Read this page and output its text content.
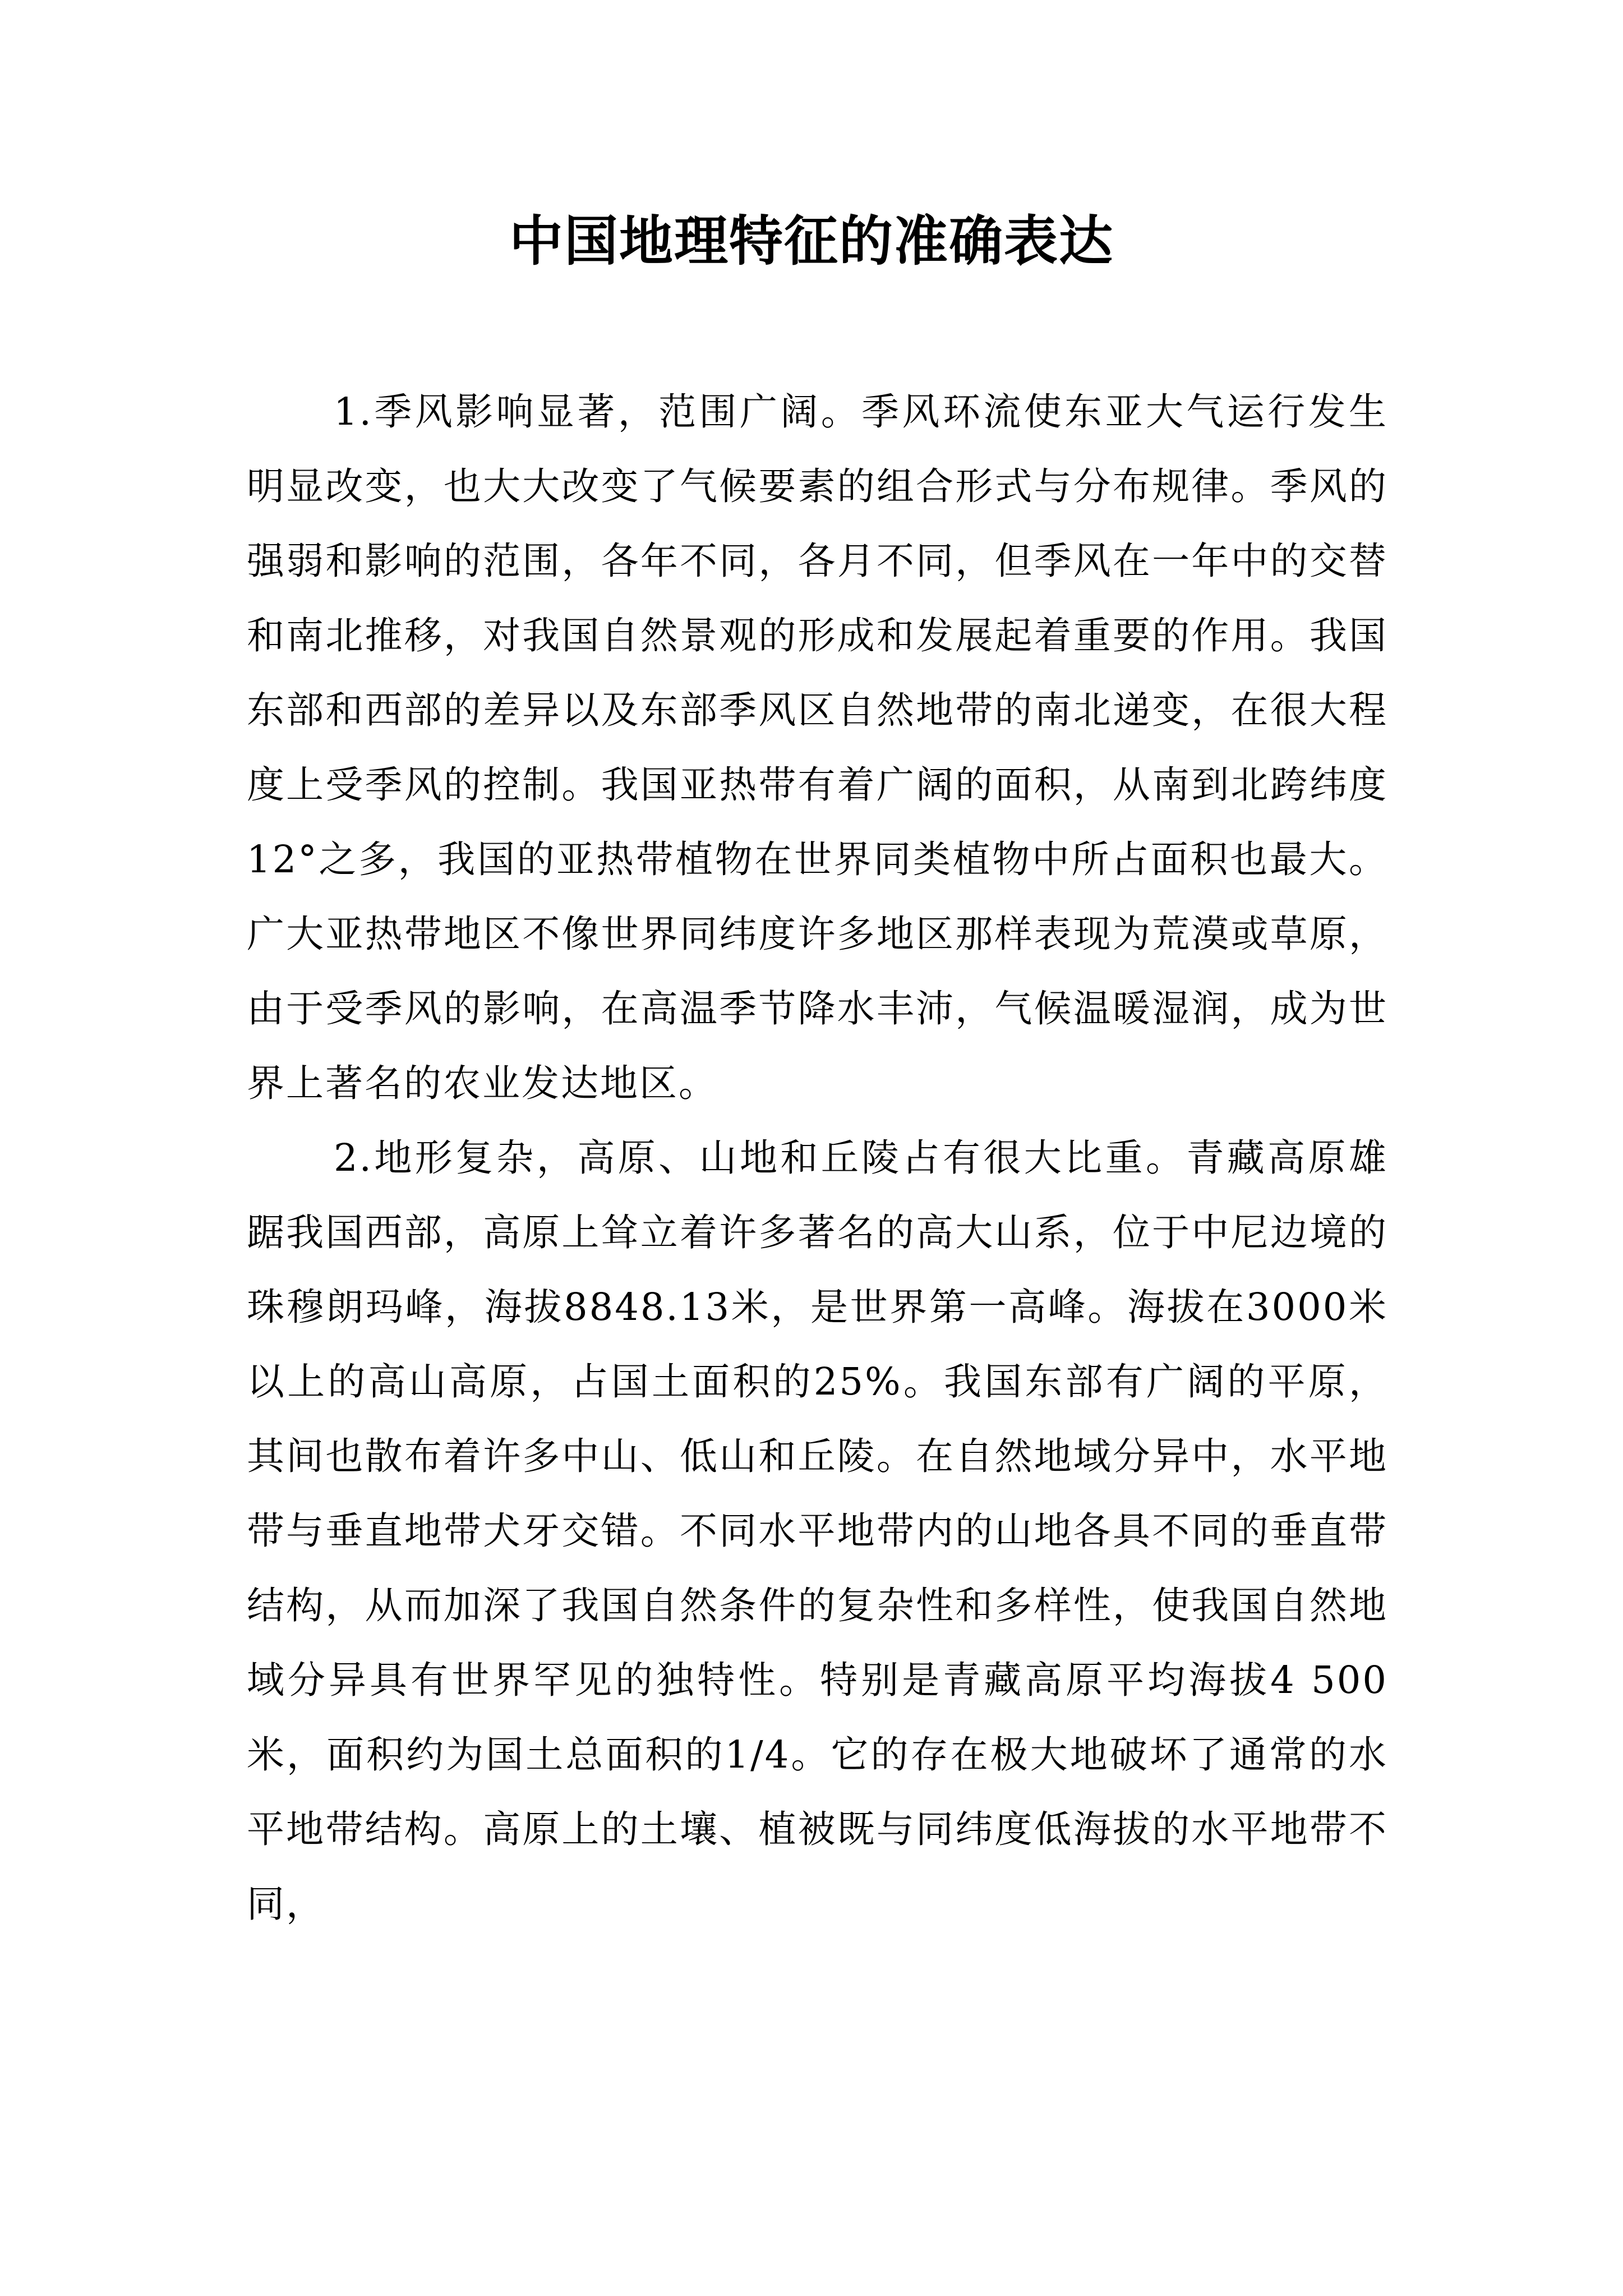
中国地理特征的准确表达

1.季风影响显著，范围广阔。季风环流使东亚大气运行发生明显改变，也大大改变了气候要素的组合形式与分布规律。季风的强弱和影响的范围，各年不同，各月不同，但季风在一年中的交替和南北推移，对我国自然景观的形成和发展起着重要的作用。我国东部和西部的差异以及东部季风区自然地带的南北递变，在很大程度上受季风的控制。我国亚热带有着广阔的面积，从南到北跨纬度12°之多，我国的亚热带植物在世界同类植物中所占面积也最大。广大亚热带地区不像世界同纬度许多地区那样表现为荒漠或草原，由于受季风的影响，在高温季节降水丰沛，气候温暖湿润，成为世界上著名的农业发达地区。

2.地形复杂，高原、山地和丘陵占有很大比重。青藏高原雄踞我国西部，高原上耸立着许多著名的高大山系，位于中尼边境的珠穆朗玛峰，海拔8848.13米，是世界第一高峰。海拔在3000米以上的高山高原，占国土面积的25%。我国东部有广阔的平原，其间也散布着许多中山、低山和丘陵。在自然地域分异中，水平地带与垂直地带犬牙交错。不同水平地带内的山地各具不同的垂直带结构，从而加深了我国自然条件的复杂性和多样性，使我国自然地域分异具有世界罕见的独特性。特别是青藏高原平均海拔4 500米，面积约为国土总面积的1/4。它的存在极大地破坏了通常的水平地带结构。高原上的土壤、植被既与同纬度低海拔的水平地带不同，
